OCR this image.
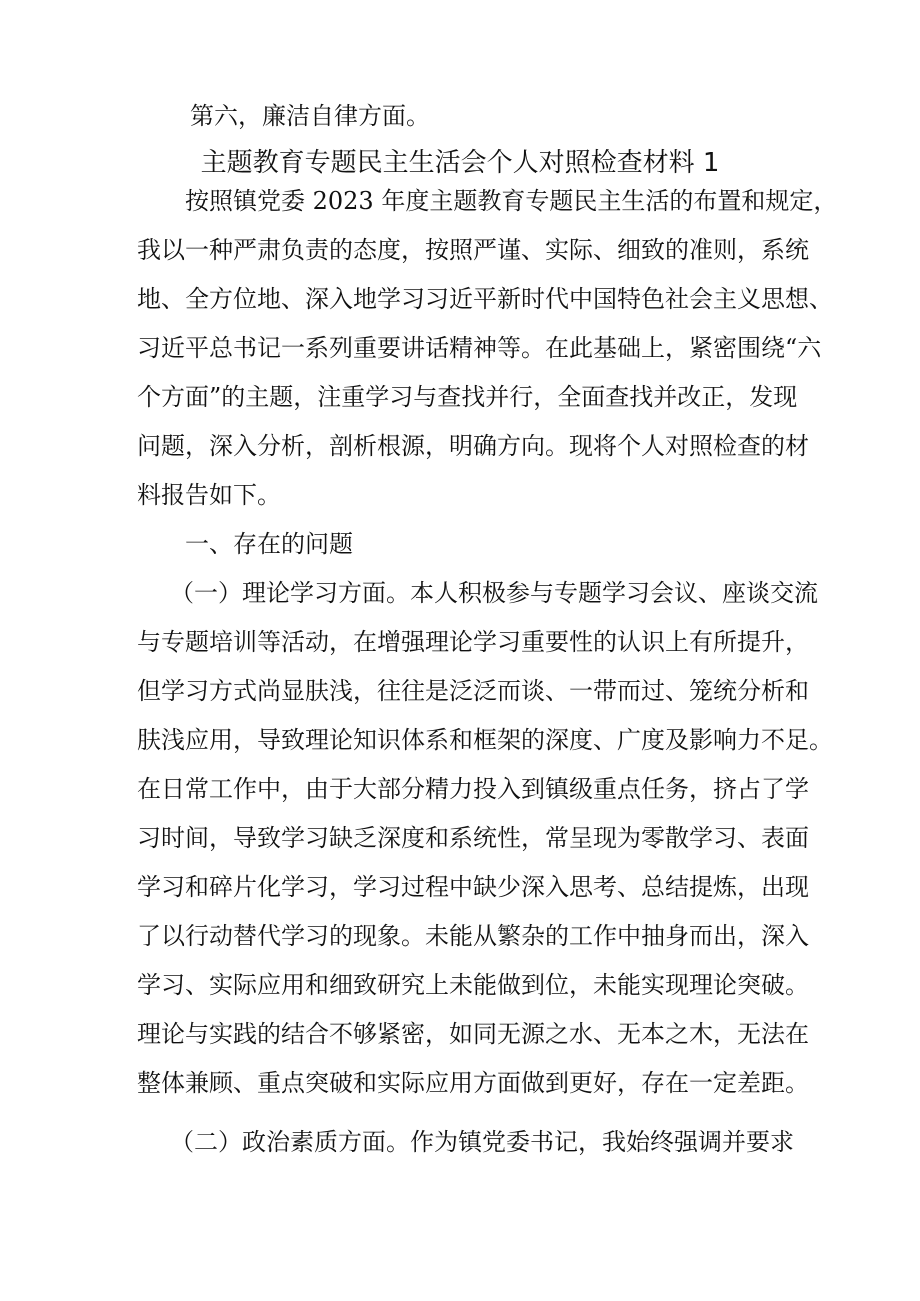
第六，廉洁自律方面。
主题教育专题民主生活会个人对照检查材料 1
按照镇党委 2023 年度主题教育专题民主生活的布置和规定，
我以一种严肃负责的态度，按照严谨、实际、细致的准则，系统
地、全方位地、深入地学习习近平新时代中国特色社会主义思想、
习近平总书记一系列重要讲话精神等。在此基础上，紧密围绕“六
个方面”的主题，注重学习与查找并行，全面查找并改正，发现
问题，深入分析，剖析根源，明确方向。现将个人对照检查的材
料报告如下。
一、存在的问题
（一）理论学习方面。本人积极参与专题学习会议、座谈交流
与专题培训等活动，在增强理论学习重要性的认识上有所提升，
但学习方式尚显肤浅，往往是泛泛而谈、一带而过、笼统分析和
肤浅应用，导致理论知识体系和框架的深度、广度及影响力不足。
在日常工作中，由于大部分精力投入到镇级重点任务，挤占了学
习时间，导致学习缺乏深度和系统性，常呈现为零散学习、表面
学习和碎片化学习，学习过程中缺少深入思考、总结提炼，出现
了以行动替代学习的现象。未能从繁杂的工作中抽身而出，深入
学习、实际应用和细致研究上未能做到位，未能实现理论突破。
理论与实践的结合不够紧密，如同无源之水、无本之木，无法在
整体兼顾、重点突破和实际应用方面做到更好，存在一定差距。
（二）政治素质方面。作为镇党委书记，我始终强调并要求
